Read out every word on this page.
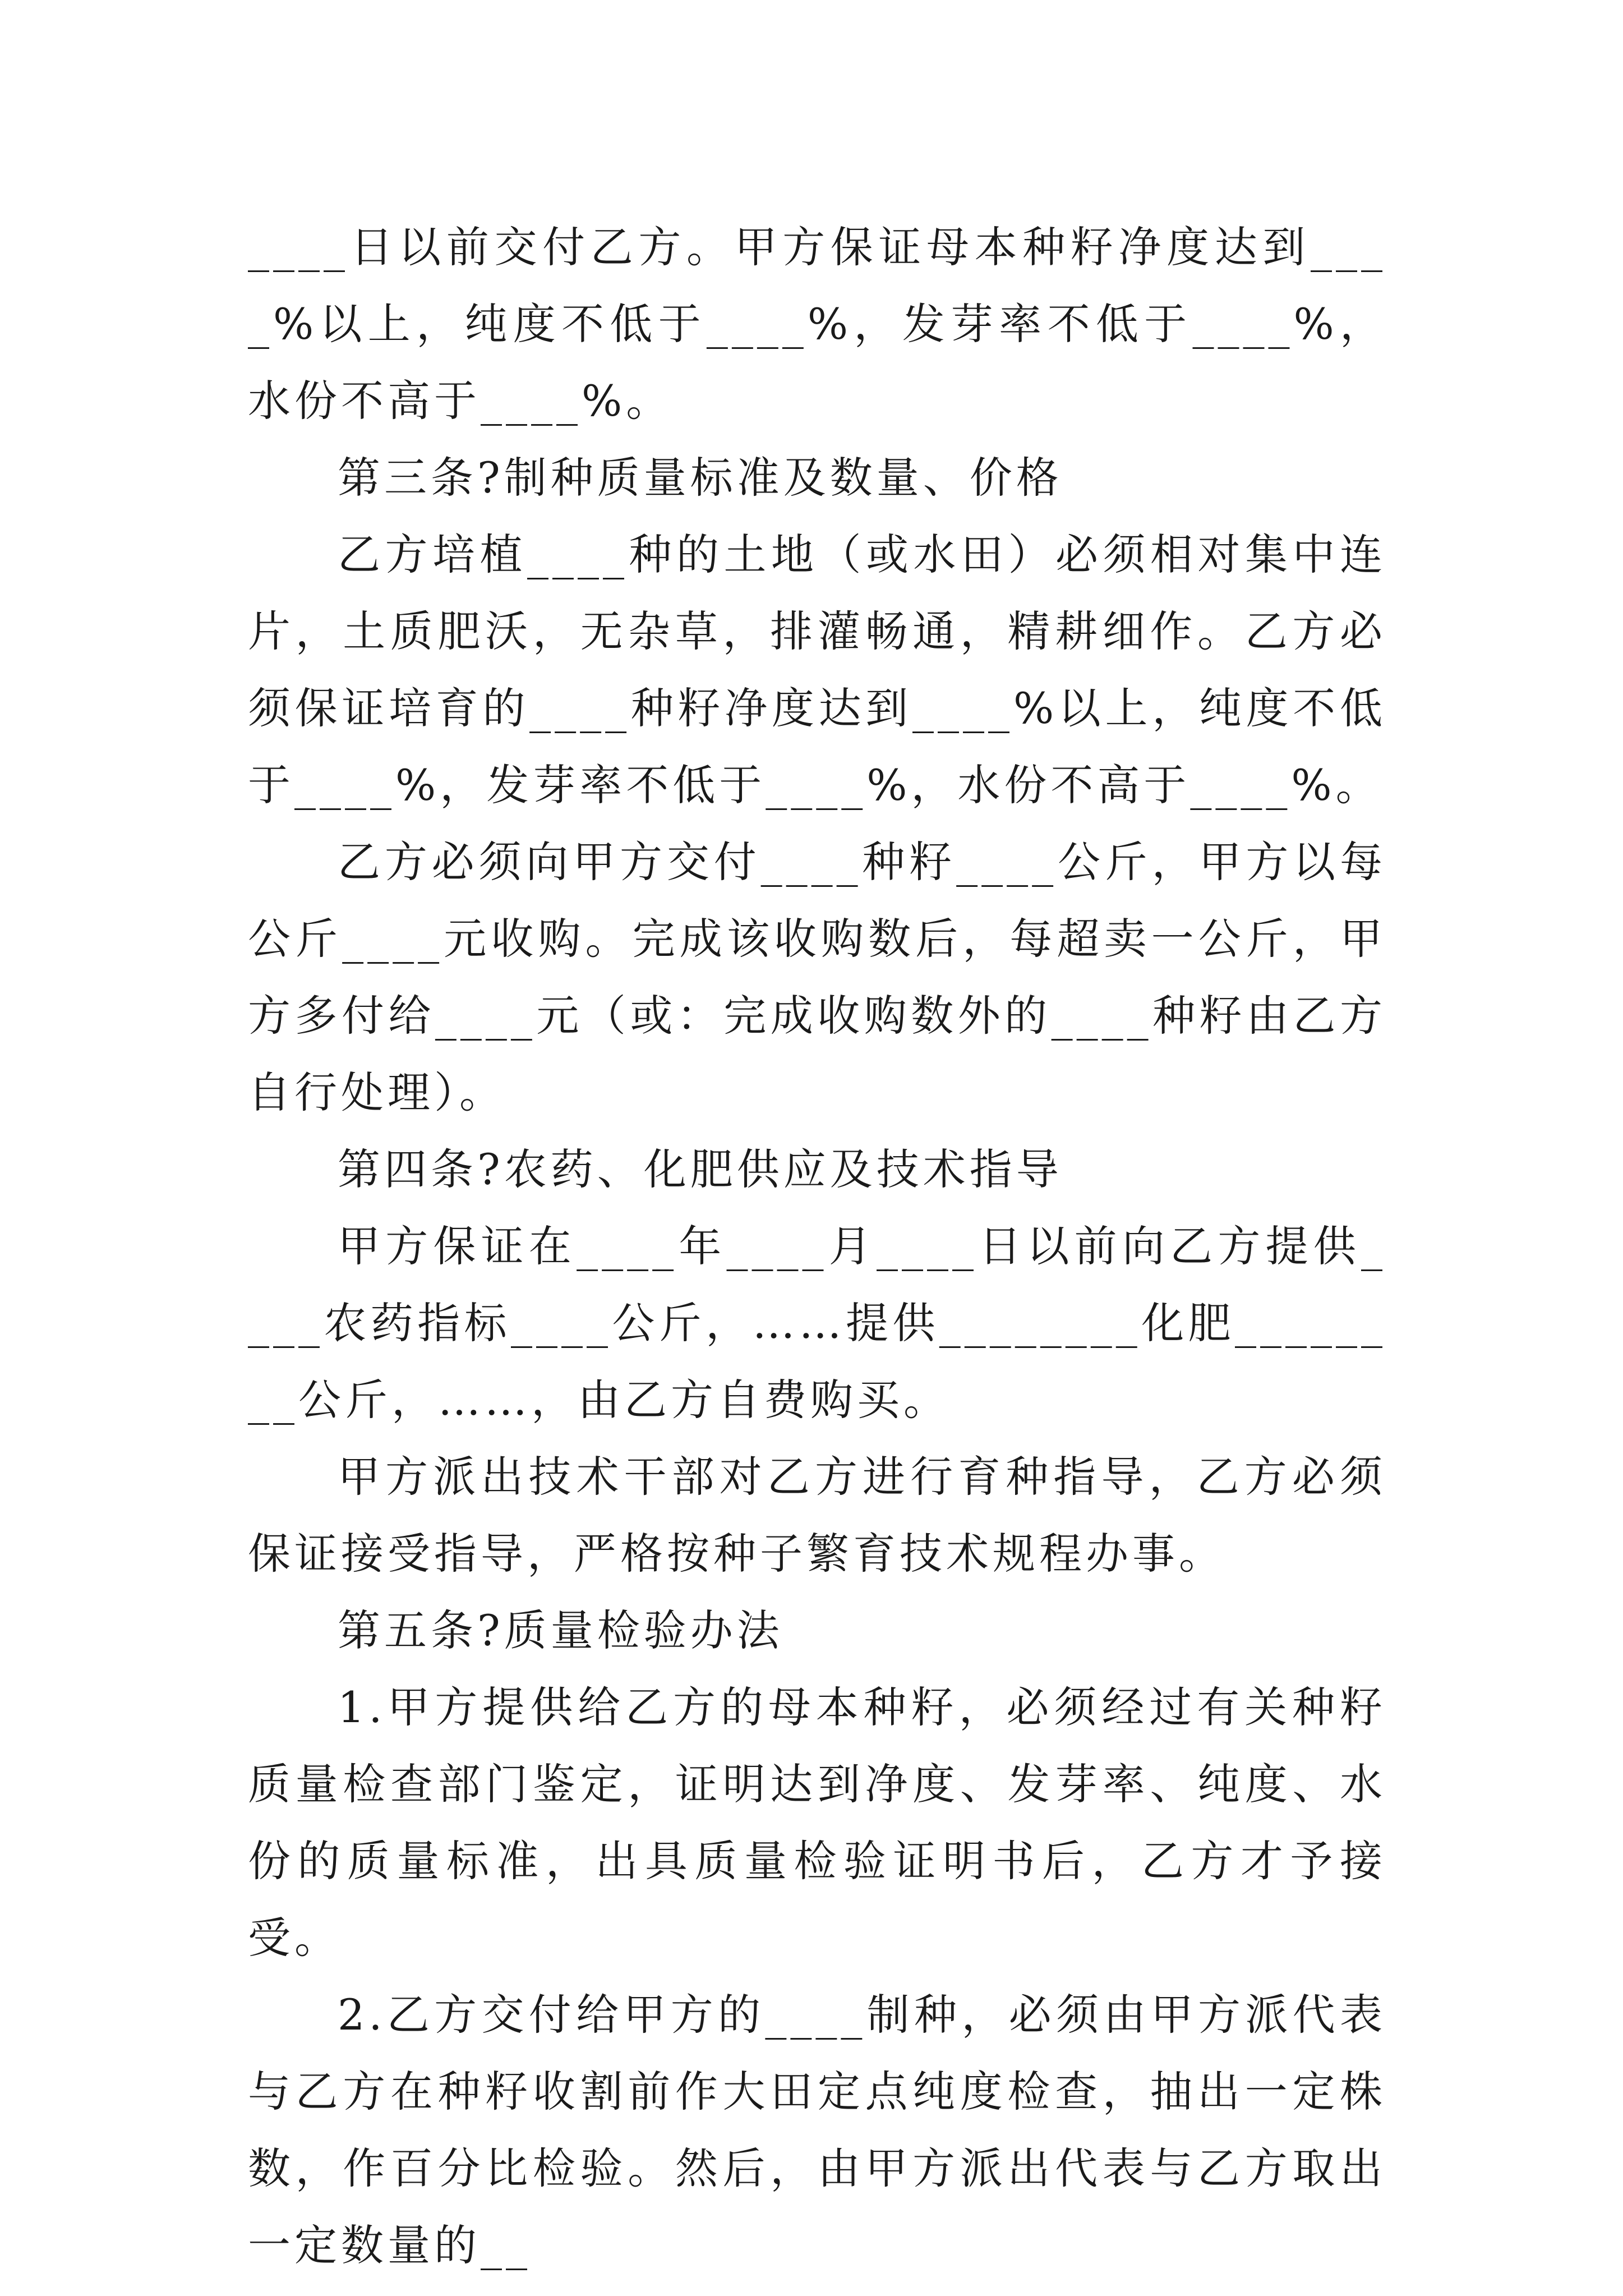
____日以前交付乙方。甲方保证母本种籽净度达到____%以上，纯度不低于____%，发芽率不低于____%，水份不高于____%。

第三条?制种质量标准及数量、价格

乙方培植____种的土地（或水田）必须相对集中连片，土质肥沃，无杂草，排灌畅通，精耕细作。乙方必须保证培育的____种籽净度达到____%以上，纯度不低于____%，发芽率不低于____%，水份不高于____%。

乙方必须向甲方交付____种籽____公斤，甲方以每公斤____元收购。完成该收购数后，每超卖一公斤，甲方多付给____元（或：完成收购数外的____种籽由乙方自行处理）。

第四条?农药、化肥供应及技术指导

甲方保证在____年____月____日以前向乙方提供____农药指标____公斤，……提供________化肥________公斤，……，由乙方自费购买。

甲方派出技术干部对乙方进行育种指导，乙方必须保证接受指导，严格按种子繁育技术规程办事。

第五条?质量检验办法

1.甲方提供给乙方的母本种籽，必须经过有关种籽质量检查部门鉴定，证明达到净度、发芽率、纯度、水份的质量标准，出具质量检验证明书后，乙方才予接受。

2.乙方交付给甲方的____制种，必须由甲方派代表与乙方在种籽收割前作大田定点纯度检查，抽出一定株数，作百分比检验。然后，由甲方派出代表与乙方取出一定数量的__
